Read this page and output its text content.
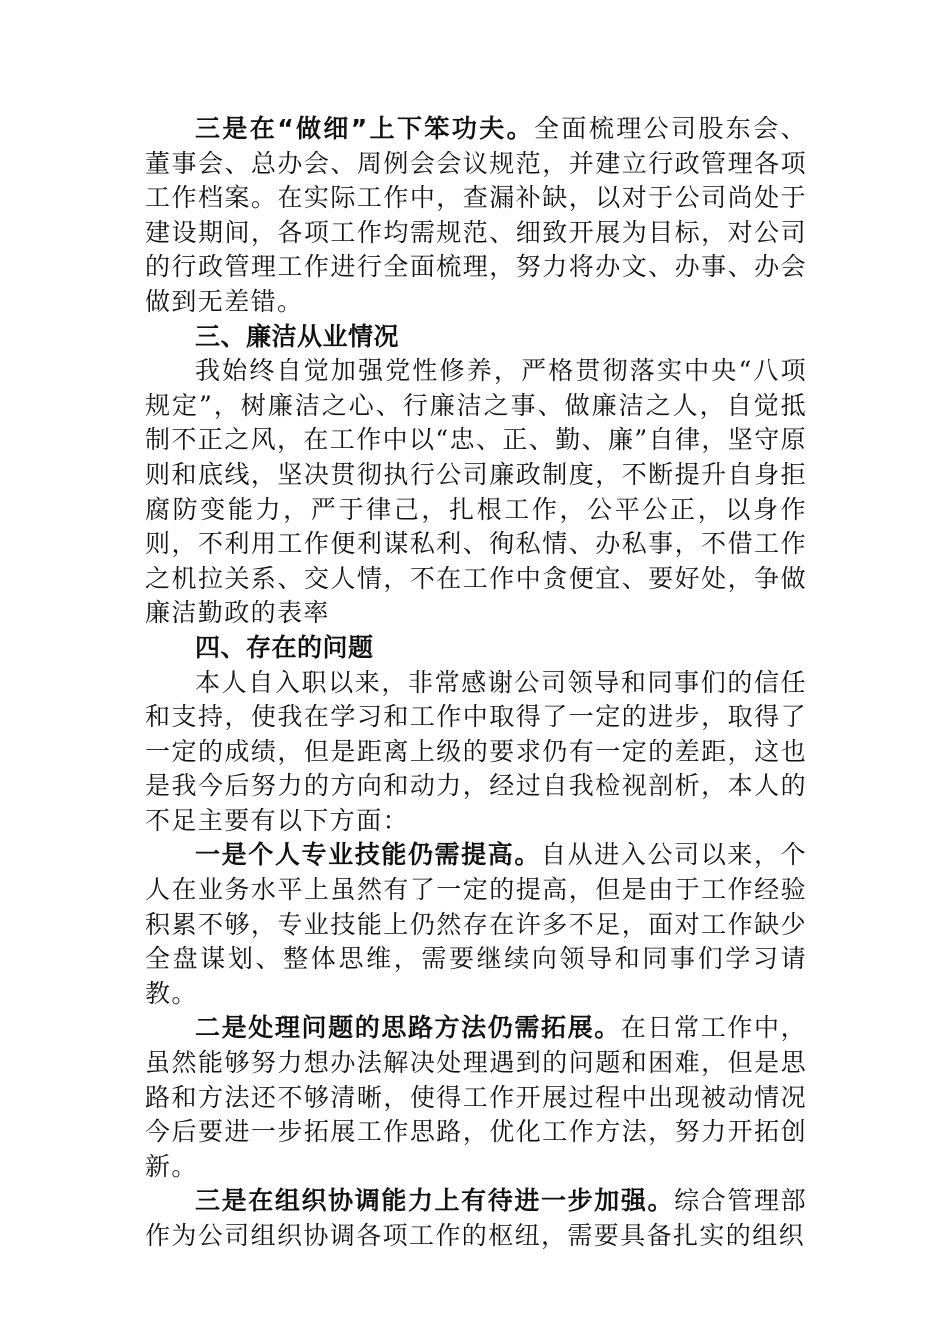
三是在“做细”上下笨功夫。全面梳理公司股东会、董事会、总办会、周例会会议规范，并建立行政管理各项工作档案。在实际工作中，查漏补缺，以对于公司尚处于建设期间，各项工作均需规范、细致开展为目标，对公司的行政管理工作进行全面梳理，努力将办文、办事、办会做到无差错。

三、廉洁从业情况

我始终自觉加强党性修养，严格贯彻落实中央“八项规定”，树廉洁之心、行廉洁之事、做廉洁之人，自觉抵制不正之风，在工作中以“忠、正、勤、廉”自律，坚守原则和底线，坚决贯彻执行公司廉政制度，不断提升自身拒腐防变能力，严于律己，扎根工作，公平公正，以身作则，不利用工作便利谋私利、徇私情、办私事，不借工作之机拉关系、交人情，不在工作中贪便宜、要好处，争做廉洁勤政的表率

四、存在的问题

本人自入职以来，非常感谢公司领导和同事们的信任和支持，使我在学习和工作中取得了一定的进步，取得了一定的成绩，但是距离上级的要求仍有一定的差距，这也是我今后努力的方向和动力，经过自我检视剖析，本人的不足主要有以下方面：

一是个人专业技能仍需提高。自从进入公司以来，个人在业务水平上虽然有了一定的提高，但是由于工作经验积累不够，专业技能上仍然存在许多不足，面对工作缺少全盘谋划、整体思维，需要继续向领导和同事们学习请教。

二是处理问题的思路方法仍需拓展。在日常工作中，虽然能够努力想办法解决处理遇到的问题和困难，但是思路和方法还不够清晰，使得工作开展过程中出现被动情况今后要进一步拓展工作思路，优化工作方法，努力开拓创新。

三是在组织协调能力上有待进一步加强。综合管理部作为公司组织协调各项工作的枢纽，需要具备扎实的组织
